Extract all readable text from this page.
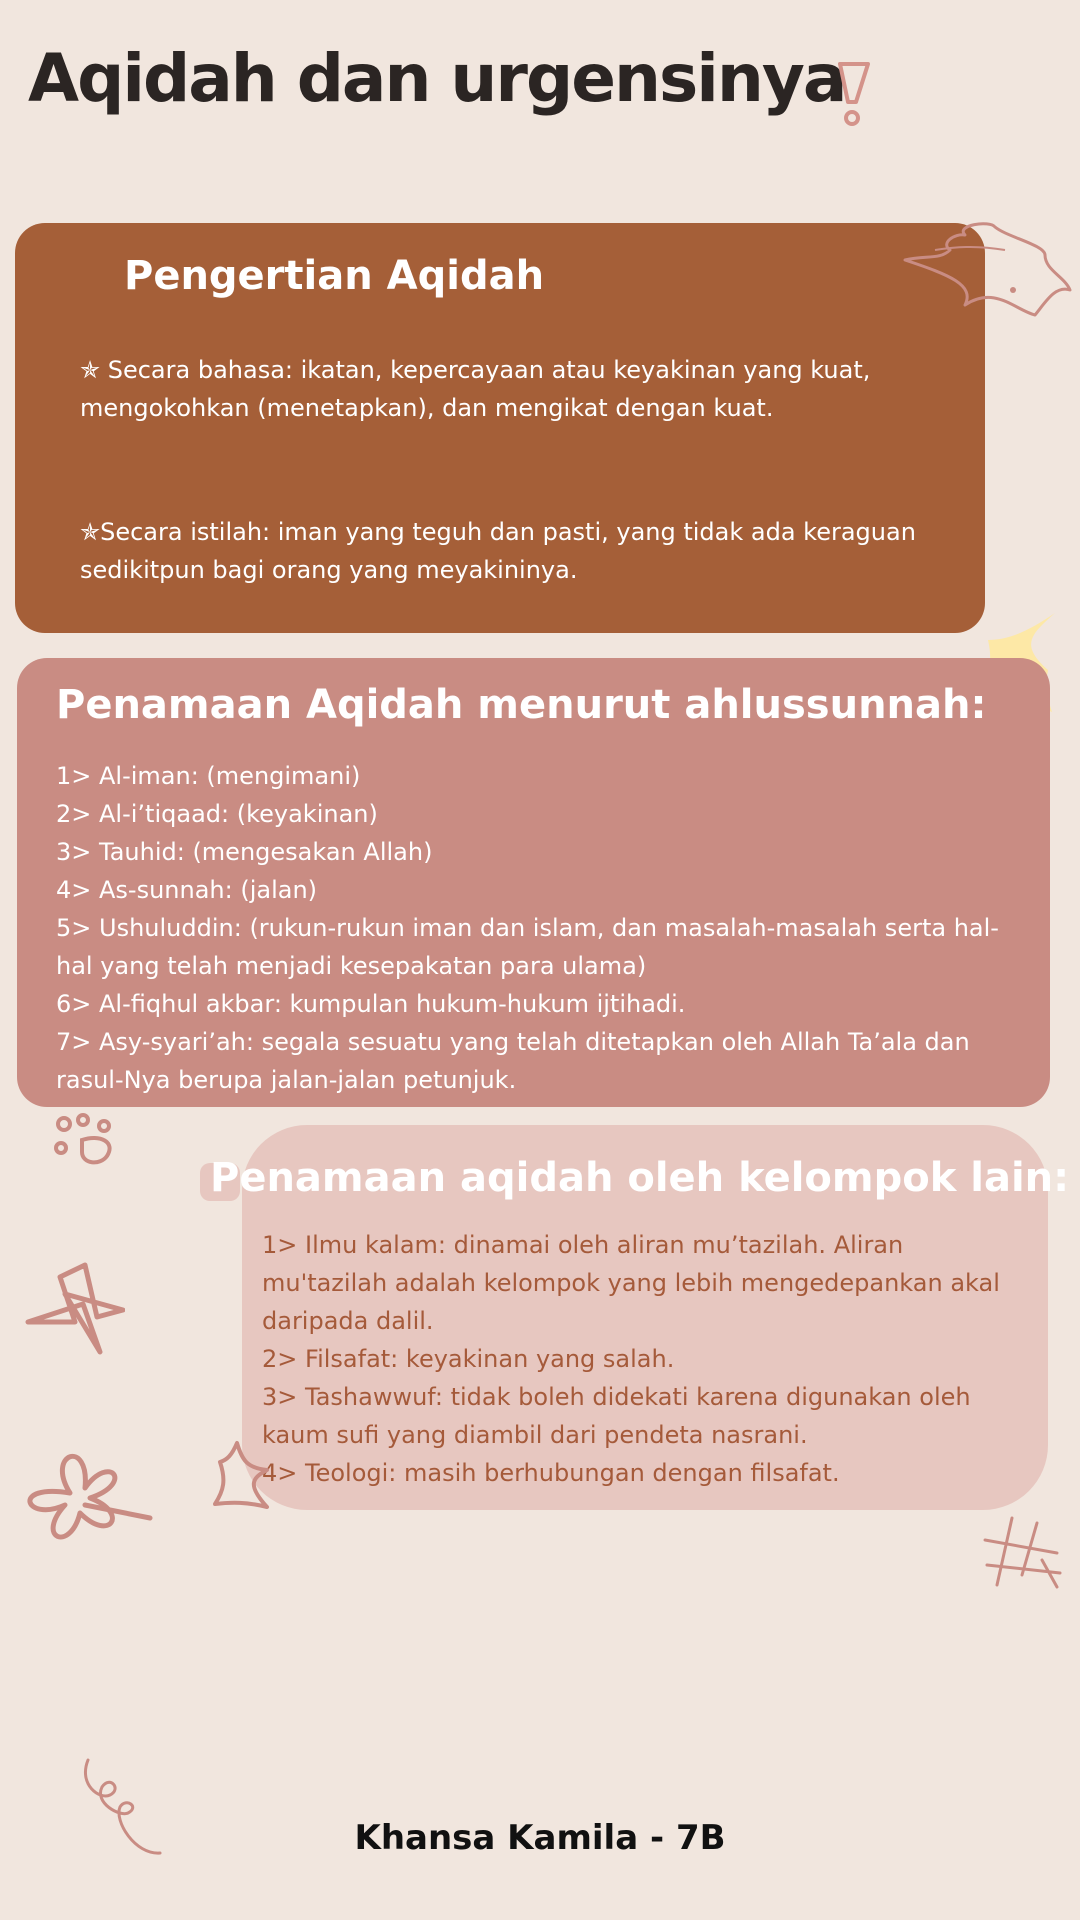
Aqidah dan urgensinya
Pengertian Aqidah

✯ Secara bahasa: ikatan, kepercayaan atau keyakinan yang kuat, mengokohkan (menetapkan), dan mengikat dengan kuat.

✯Secara istilah: iman yang teguh dan pasti, yang tidak ada keraguan sedikitpun bagi orang yang meyakininya.

Penamaan Aqidah menurut ahlussunnah:
1> Al-iman: (mengimani)
2> Al-i’tiqaad: (keyakinan)
3> Tauhid: (mengesakan Allah)
4> As-sunnah: (jalan)
5> Ushuluddin: (rukun-rukun iman dan islam, dan masalah-masalah serta hal-hal yang telah menjadi kesepakatan para ulama)
6> Al-fiqhul akbar: kumpulan hukum-hukum ijtihadi.
7> Asy-syari’ah: segala sesuatu yang telah ditetapkan oleh Allah Ta’ala dan rasul-Nya berupa jalan-jalan petunjuk.
1> Ilmu kalam: dinamai oleh aliran mu’tazilah. Aliran mu'tazilah adalah kelompok yang lebih mengedepankan akal daripada dalil.
2> Filsafat: keyakinan yang salah.
3> Tashawwuf: tidak boleh didekati karena digunakan oleh kaum sufi yang diambil dari pendeta nasrani.
4> Teologi: masih berhubungan dengan filsafat.
Penamaan aqidah oleh kelompok lain:

Khansa Kamila - 7B
